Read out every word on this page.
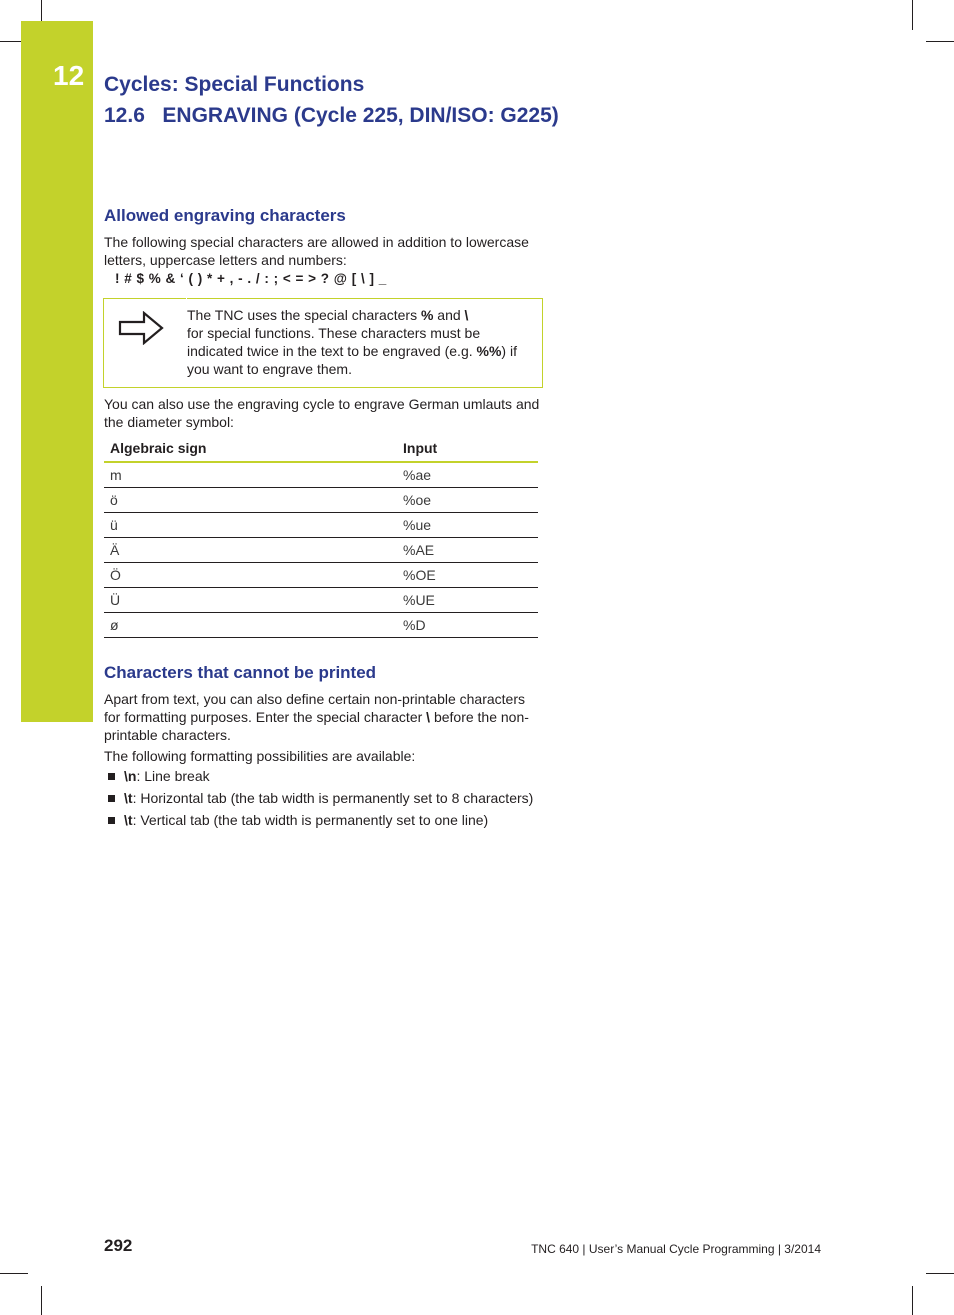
12 Cycles: Special Functions
12.6 ENGRAVING (Cycle 225, DIN/ISO: G225)
Allowed engraving characters
The following special characters are allowed in addition to lowercase letters, uppercase letters and numbers:
! # $ % & ‘ ( ) * + , - . / : ; < = > ? @ [ \ ] _
The TNC uses the special characters % and \
for special functions. These characters must be indicated twice in the text to be engraved (e.g. %%) if you want to engrave them.
You can also use the engraving cycle to engrave German umlauts and the diameter symbol:
Algebraic sign	Input
m	%ae
ö	%oe
ü	%ue
Ä	%AE
Ö	%OE
Ü	%UE
ø	%D
Characters that cannot be printed
Apart from text, you can also define certain non-printable characters for formatting purposes. Enter the special character \ before the non-printable characters.
The following formatting possibilities are available:
\n: Line break
\t: Horizontal tab (the tab width is permanently set to 8 characters)
\t: Vertical tab (the tab width is permanently set to one line)
292	TNC 640 | User’s Manual Cycle Programming | 3/2014
